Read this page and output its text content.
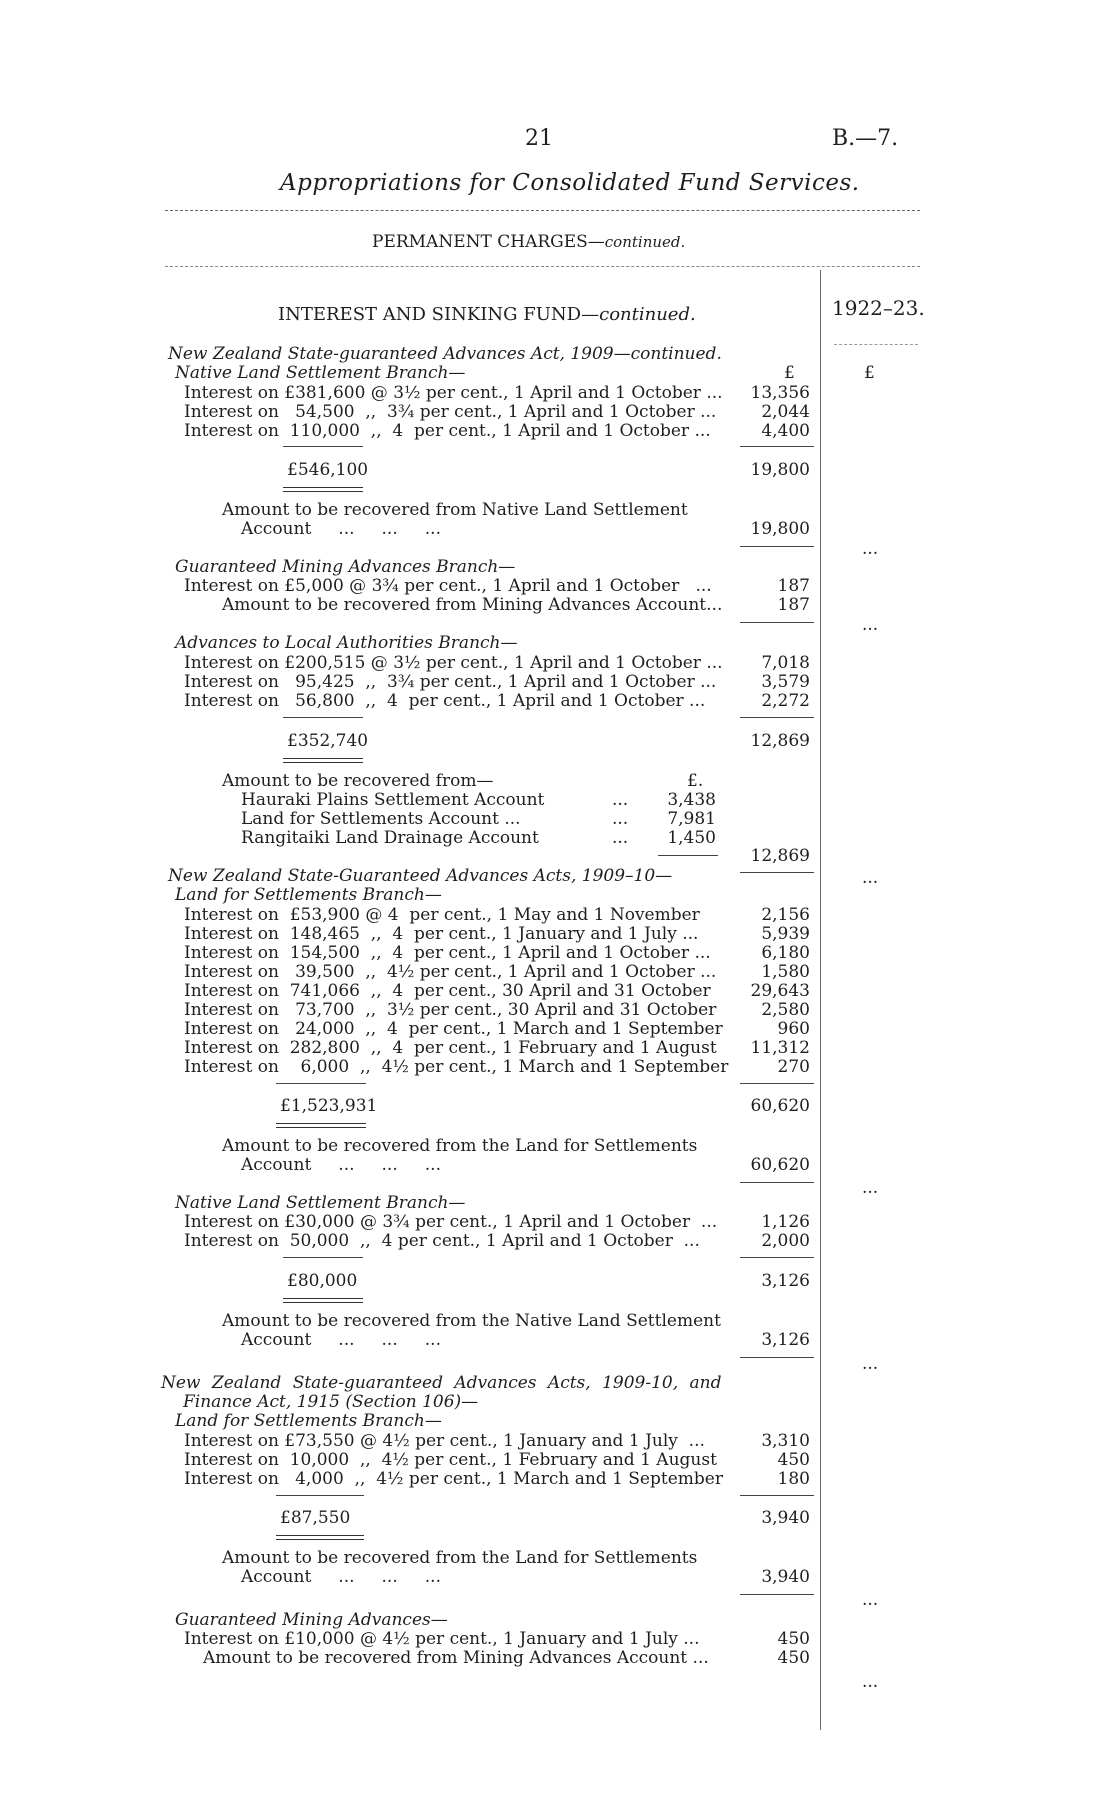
21	B.—7.
Appropriations for Consolidated Fund Services.
PERMANENT CHARGES—continued.
INTEREST AND SINKING FUND—continued.	1922–23.
New Zealand State-guaranteed Advances Act, 1909—continued.
Native Land Settlement Branch—	£	£
Interest on £381,600 @ 3½ per cent., 1 April and 1 October ...	13,356
Interest on   54,500  ,,  3¾ per cent., 1 April and 1 October ...	2,044
Interest on  110,000  ,,  4  per cent., 1 April and 1 October ...	4,400
£546,100	19,800
Amount to be recovered from Native Land Settlement
Account     ...     ...     ...	19,800
...
Guaranteed Mining Advances Branch—
Interest on £5,000 @ 3¾ per cent., 1 April and 1 October   ...	187
Amount to be recovered from Mining Advances Account...	187
...
Advances to Local Authorities Branch—
Interest on £200,515 @ 3½ per cent., 1 April and 1 October ...	7,018
Interest on   95,425  ,,  3¾ per cent., 1 April and 1 October ...	3,579
Interest on   56,800  ,,  4  per cent., 1 April and 1 October ...	2,272
£352,740	12,869
Amount to be recovered from—	£.
Hauraki Plains Settlement Account	...	3,438
Land for Settlements Account ...	...	7,981
Rangitaiki Land Drainage Account	...	1,450
12,869
...
New Zealand State-Guaranteed Advances Acts, 1909–10—
Land for Settlements Branch—
Interest on  £53,900 @ 4  per cent., 1 May and 1 November	2,156
Interest on  148,465  ,,  4  per cent., 1 January and 1 July ...	5,939
Interest on  154,500  ,,  4  per cent., 1 April and 1 October ...	6,180
Interest on   39,500  ,,  4½ per cent., 1 April and 1 October ...	1,580
Interest on  741,066  ,,  4  per cent., 30 April and 31 October	29,643
Interest on   73,700  ,,  3½ per cent., 30 April and 31 October	2,580
Interest on   24,000  ,,  4  per cent., 1 March and 1 September	960
Interest on  282,800  ,,  4  per cent., 1 February and 1 August	11,312
Interest on    6,000  ,,  4½ per cent., 1 March and 1 September	270
£1,523,931	60,620
Amount to be recovered from the Land for Settlements
Account     ...     ...     ...	60,620
...
Native Land Settlement Branch—
Interest on £30,000 @ 3¾ per cent., 1 April and 1 October  ...	1,126
Interest on  50,000  ,,  4 per cent., 1 April and 1 October  ...	2,000
£80,000	3,126
Amount to be recovered from the Native Land Settlement
Account     ...     ...     ...	3,126
...
New Zealand State-guaranteed Advances Acts, 1909-10, and
Finance Act, 1915 (Section 106)—
Land for Settlements Branch—
Interest on £73,550 @ 4½ per cent., 1 January and 1 July  ...	3,310
Interest on  10,000  ,,  4½ per cent., 1 February and 1 August	450
Interest on   4,000  ,,  4½ per cent., 1 March and 1 September	180
£87,550	3,940
Amount to be recovered from the Land for Settlements
Account     ...     ...     ...	3,940
...
Guaranteed Mining Advances—
Interest on £10,000 @ 4½ per cent., 1 January and 1 July ...	450
Amount to be recovered from Mining Advances Account ...	450
...
